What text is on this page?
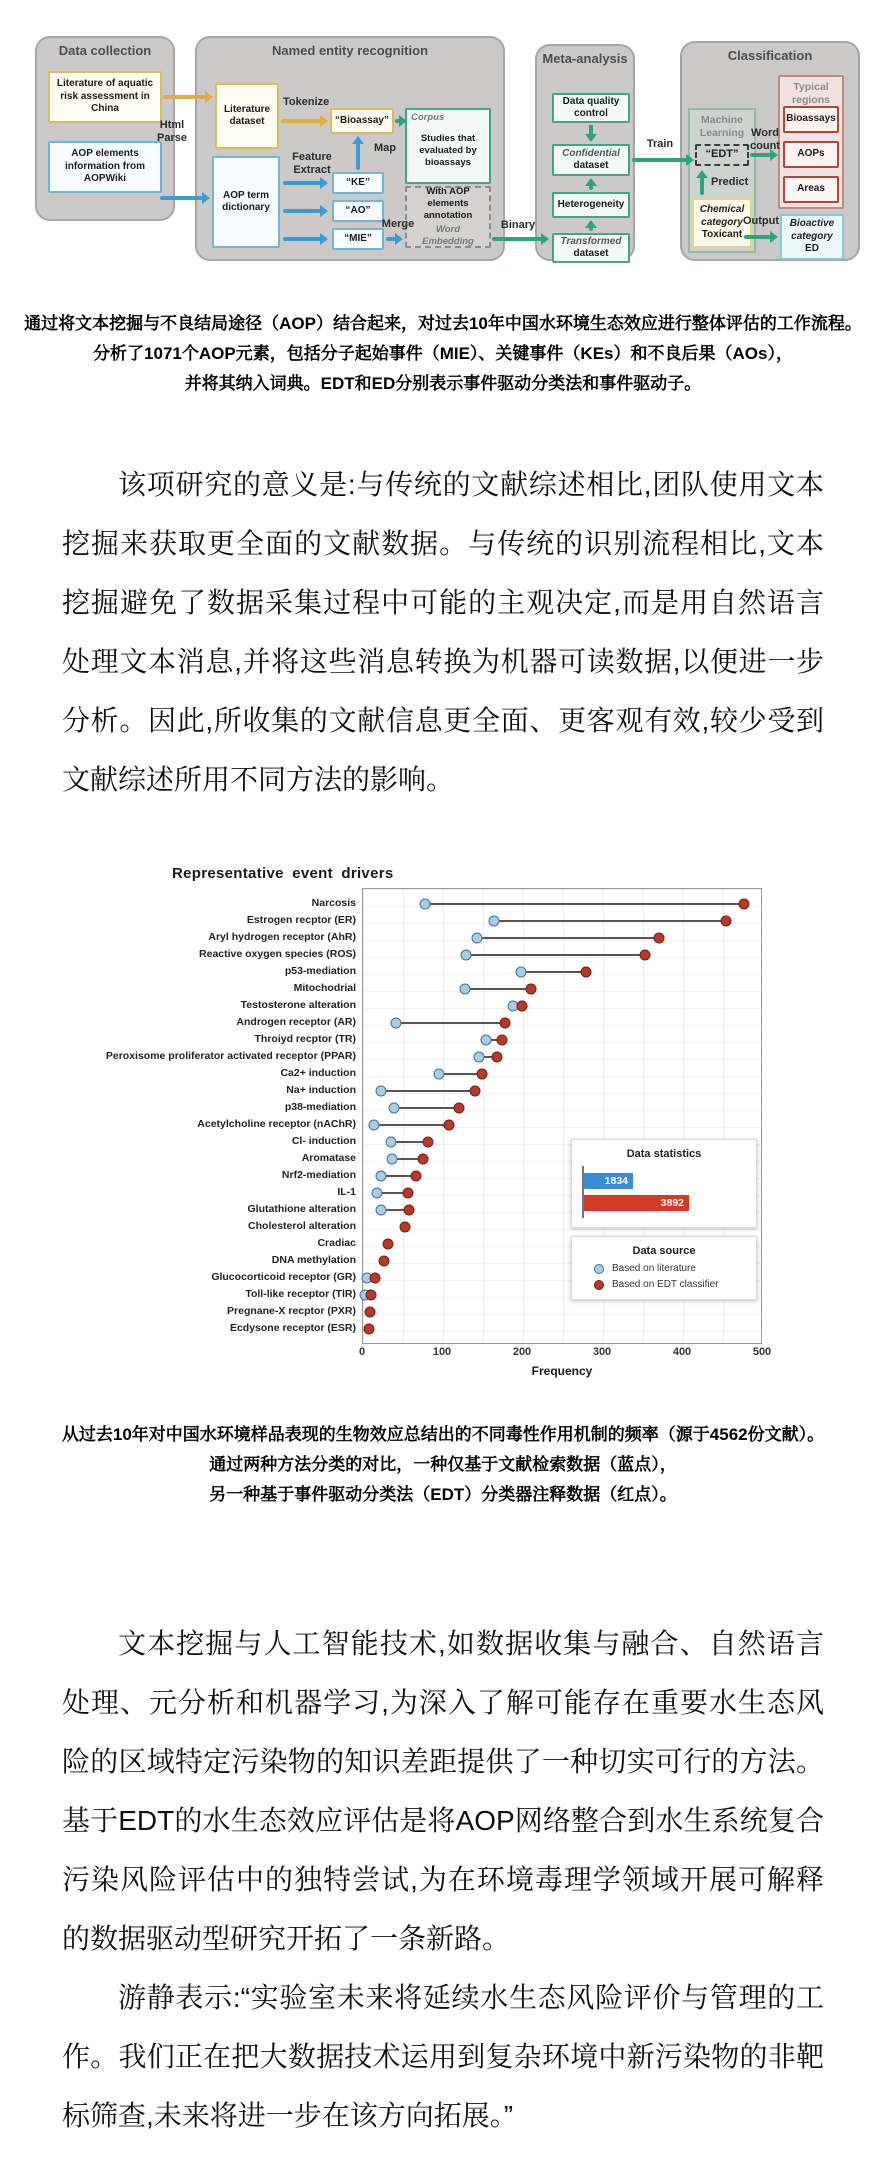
Data collection
Literature of aquatic risk assessment in China
AOP elements information from AOPWiki
Html Parse
Named entity recognition
Literature dataset
Tokenize
“Bioassay”
Feature Extract
AOP term dictionary
“KE”
“AO”
“MIE”
Map
Corpus
Studies that evaluated by bioassays
With AOP elements annotation
Word Embedding
Merge	Binary
Meta-analysis
Data quality control
Confidential
dataset
Heterogeneity
Transformed
dataset
Train
Classification
Machine Learning
“EDT”
Predict
Chemical category
Toxicant
Word count
Typical regions
Bioassays
AOPs
Areas
Output	Bioactive category
ED
通过将文本挖掘与不良结局途径（AOP）结合起来，对过去10年中国水环境生态效应进行整体评估的工作流程。
分析了1071个AOP元素，包括分子起始事件（MIE）、关键事件（KEs）和不良后果（AOs），
并将其纳入词典。EDT和ED分别表示事件驱动分类法和事件驱动子。

该项研究的意义是:与传统的文献综述相比,团队使用文本挖掘来获取更全面的文献数据。与传统的识别流程相比,文本挖掘避免了数据采集过程中可能的主观决定,而是用自然语言处理文本消息,并将这些消息转换为机器可读数据,以便进一步分析。因此,所收集的文献信息更全面、更客观有效,较少受到文献综述所用不同方法的影响。

Representative event drivers
Narcosis
Estrogen recptor (ER)
Aryl hydrogen receptor (AhR)
Reactive oxygen species (ROS)
p53-mediation
Mitochodrial
Testosterone alteration
Androgen receptor (AR)
Throiyd recptor (TR)
Peroxisome proliferator activated receptor (PPAR)
Ca2+ induction
Na+ induction
p38-mediation
Acetylcholine receptor (nAChR)
Cl- induction
Aromatase
Nrf2-mediation
IL-1
Glutathione alteration
Cholesterol alteration
Cradiac
DNA methylation
Glucocorticoid receptor (GR)
Toll-like receptor (TlR)
Pregnane-X recptor (PXR)
Ecdysone receptor (ESR)
Data statistics
1834
3892
Data source
Based on literature
Based on EDT classifier
0	100	200	300	400	500
Frequency
从过去10年对中国水环境样品表现的生物效应总结出的不同毒性作用机制的频率（源于4562份文献）。
通过两种方法分类的对比，一种仅基于文献检索数据（蓝点），
另一种基于事件驱动分类法（EDT）分类器注释数据（红点）。

文本挖掘与人工智能技术,如数据收集与融合、自然语言处理、元分析和机器学习,为深入了解可能存在重要水生态风险的区域特定污染物的知识差距提供了一种切实可行的方法。基于EDT的水生态效应评估是将AOP网络整合到水生系统复合污染风险评估中的独特尝试,为在环境毒理学领域开展可解释的数据驱动型研究开拓了一条新路。

游静表示:“实验室未来将延续水生态风险评价与管理的工作。我们正在把大数据技术运用到复杂环境中新污染物的非靶标筛查,未来将进一步在该方向拓展。”
